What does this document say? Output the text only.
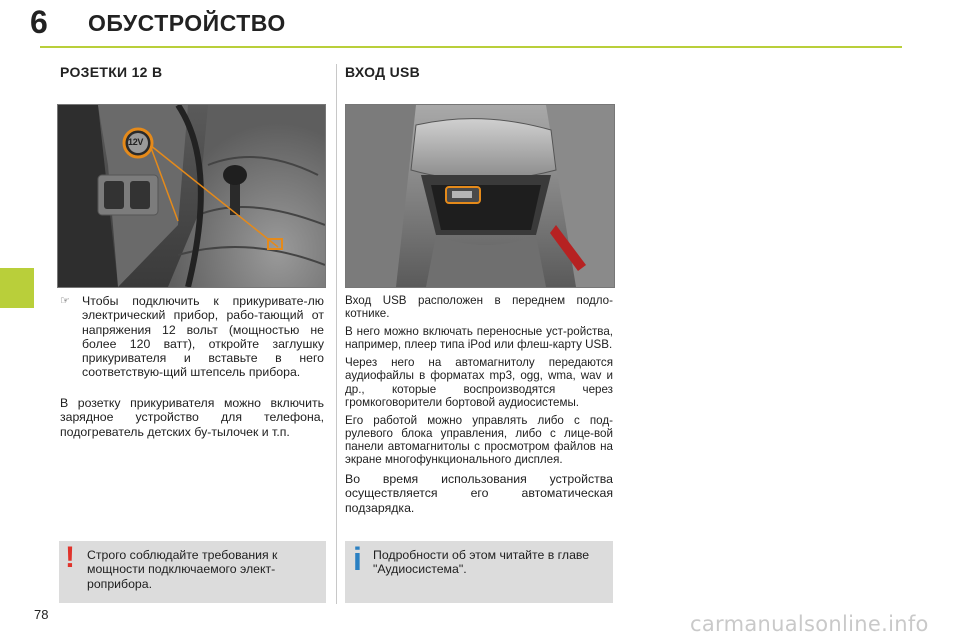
6 ОБУСТРОЙСТВО
РОЗЕТКИ 12 В
12V
☞ Чтобы подключить к прикуривате-лю электрический прибор, рабо-тающий от напряжения 12 вольт (мощностью не более 120 ватт), откройте заглушку прикуривателя и вставьте в него соответствую-щий штепсель прибора.
В розетку прикуривателя можно включить зарядное устройство для телефона, подогреватель детских бу-тылочек и т.п.
! Строго соблюдайте требования к мощности подключаемого элект-роприбора.
ВХОД USB
Вход USB расположен в переднем подло-котнике.
В него можно включать переносные уст-ройства, например, плеер типа iPod или флеш-карту USB.
Через него на автомагнитолу передаются аудиофайлы в форматах mp3, ogg, wma, wav и др., которые воспроизводятся через громкоговорители бортовой аудиосистемы.
Его работой можно управлять либо с под-рулевого блока управления, либо с лице-вой панели автомагнитолы с просмотром файлов на экране многофункционального дисплея.
Во время использования устройства осуществляется его автоматическая подзарядка.
i Подробности об этом читайте в главе "Аудиосистема".
78	carmanualsonline.info
